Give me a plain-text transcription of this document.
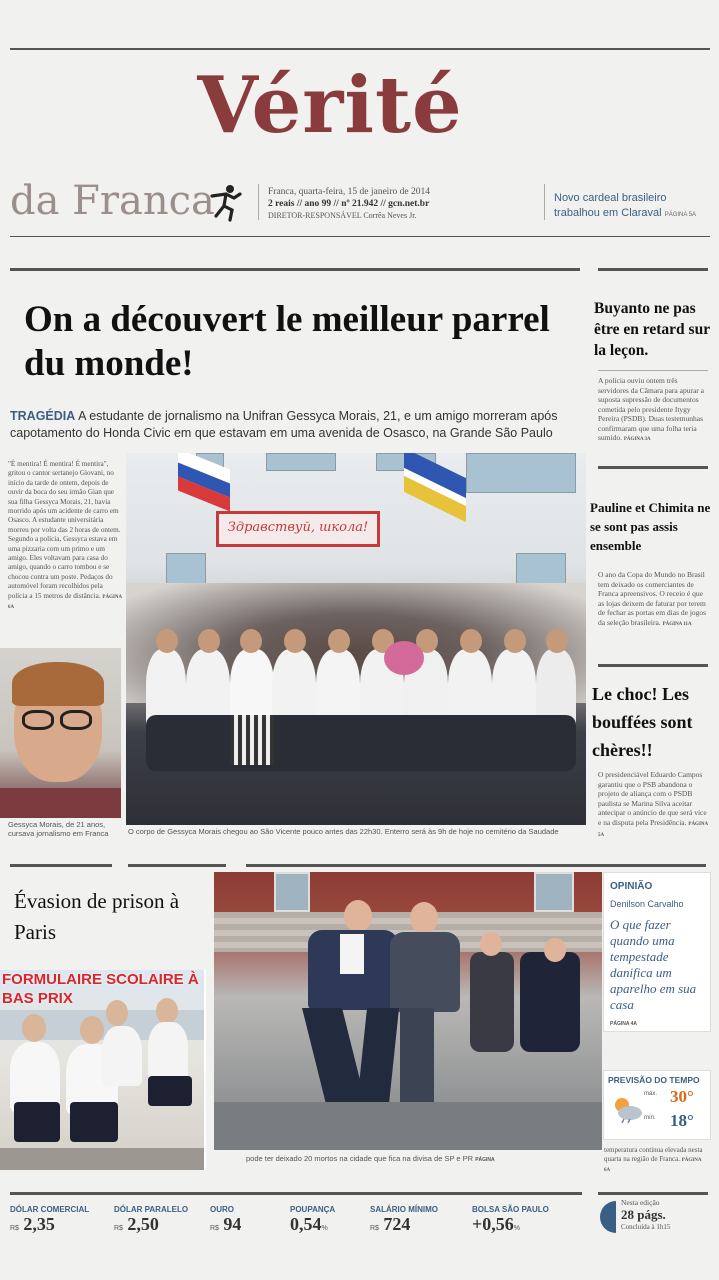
Vérité
da Franca	Franca, quarta-feira, 15 de janeiro de 2014
2 reais // ano 99 // nº 21.942 // gcn.net.br
DIRETOR-RESPONSÁVEL Corrêa Neves Jr.
Novo cardeal brasileiro trabalhou em Claraval PÁGINA 5A
On a découvert le meilleur parrel du monde!
TRAGÉDIA A estudante de jornalismo na Unifran Gessyca Morais, 21, e um amigo morreram após capotamento do Honda Civic em que estavam em uma avenida de Osasco, na Grande São Paulo
"É mentira! É mentira! É mentira", gritou o cantor sertanejo Giovani, no início da tarde de ontem, depois de ouvir da boca do seu irmão Gian que sua filha Gessyca Morais, 21, havia morrido após um acidente de carro em Osasco. A estudante universitária morreu por volta das 2 horas de ontem. Segundo a polícia, Gessyca estava em uma pizzaria com um primo e um amigo. Eles voltavam para casa do amigo, quando o carro tombou e se chocou contra um poste. Pedaços do automóvel foram recolhidos pela polícia a 15 metros de distância. PÁGINA 6A
Gessyca Morais, de 21 anos, cursava jornalismo em Franca
Здравствуй, школа!
O corpo de Gessyca Morais chegou ao São Vicente pouco antes das 22h30. Enterro será às 9h de hoje no cemitério da Saudade
Buyanto ne pas être en retard sur la leçon.
A polícia ouviu ontem três servidores da Câmara para apurar a suposta supressão de documentos cometida pelo presidente Itygy Pereira (PSDB). Duas testemunhas confirmaram que uma folha teria sumido. PÁGINA 3A
Pauline et Chimita ne se sont pas assis ensemble
O ano da Copa do Mundo no Brasil tem deixado os comerciantes de Franca apreensivos. O receio é que as lojas deixem de faturar por terem de fechar as portas em dias de jogos da seleção brasileira. PÁGINA 11A
Le choc! Les bouffées sont chères!!
O presidenciável Eduardo Campos garantiu que o PSB abandona o projeto de aliança com o PSDB paulista se Marina Silva aceitar antecipar o anúncio de que será vice e na disputa pela Presidência. PÁGINA 5A
Évasion de prison à Paris
FORMULAIRE SCOLAIRE À BAS PRIX
pode ter deixado 20 mortos na cidade que fica na divisa de SP e PR PÁGINA
OPINIÃO
Denilson Carvalho
O que fazer quando uma tempestade danifica um aparelho em sua casa
PÁGINA 4A
PREVISÃO DO TEMPO
máx. 30°
mín. 18°
temperatura continua elevada nesta quarta na região de Franca. PÁGINA 6A
DÓLAR COMERCIAL
R$ 2,35
DÓLAR PARALELO
R$ 2,50
OURO
R$ 94
POUPANÇA
0,54%
SALÁRIO MÍNIMO
R$ 724
BOLSA SÃO PAULO
+0,56%
Nesta edição
28 págs.
Concluída à 1h15
